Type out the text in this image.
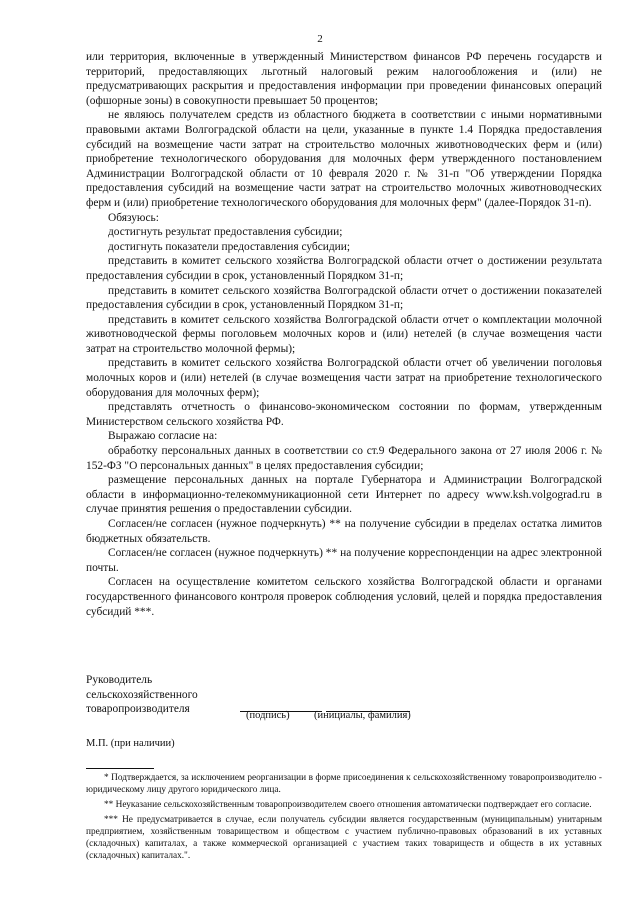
2

или территория, включенные в утвержденный Министерством финансов РФ перечень государств и территорий, предоставляющих льготный налоговый режим налогообложения и (или) не предусматривающих раскрытия и предоставления информации при проведении финансовых операций (офшорные зоны) в совокупности превышает 50 процентов;

не являюсь получателем средств из областного бюджета в соответствии с иными нормативными правовыми актами Волгоградской области на цели, указанные в пункте 1.4 Порядка предоставления субсидий на возмещение части затрат на строительство молочных животноводческих ферм и (или) приобретение технологического оборудования для молочных ферм утвержденного постановлением Администрации Волгоградской области от 10 февраля 2020 г. № 31-п "Об утверждении Порядка предоставления субсидий на возмещение части затрат на строительство молочных животноводческих ферм и (или) приобретение технологического оборудования для молочных ферм" (далее-Порядок 31-п).

Обязуюсь:

достигнуть результат предоставления субсидии;

достигнуть показатели предоставления субсидии;

представить в комитет сельского хозяйства Волгоградской области отчет о достижении результата предоставления субсидии в срок, установленный Порядком 31-п;

представить в комитет сельского хозяйства Волгоградской области отчет о достижении показателей предоставления субсидии в срок, установленный Порядком 31-п;

представить в комитет сельского хозяйства Волгоградской области отчет о комплектации молочной животноводческой фермы поголовьем молочных коров и (или) нетелей (в случае возмещения части затрат на строительство молочной фермы);

представить в комитет сельского хозяйства Волгоградской области отчет об увеличении поголовья молочных коров и (или) нетелей (в случае возмещения части затрат на приобретение технологического оборудования для молочных ферм);

представлять отчетность о финансово-экономическом состоянии по формам, утвержденным Министерством сельского хозяйства РФ.

Выражаю согласие на:

обработку персональных данных в соответствии со ст.9 Федерального закона от 27 июля 2006 г. № 152-ФЗ "О персональных данных" в целях предоставления субсидии;

размещение персональных данных на портале Губернатора и Администрации Волгоградской области в информационно-телекоммуникационной сети Интернет по адресу www.ksh.volgograd.ru в случае принятия решения о предоставлении субсидии.

Согласен/не согласен (нужное подчеркнуть) ** на получение субсидии в пределах остатка лимитов бюджетных обязательств.

Согласен/не согласен (нужное подчеркнуть) ** на получение корреспонденции на адрес электронной почты.

Согласен на осуществление комитетом сельского хозяйства Волгоградской области и органами государственного финансового контроля проверок соблюдения условий, целей и порядка предоставления субсидий ***.

Руководитель
сельскохозяйственного
товаропроизводителя
(подпись) (инициалы, фамилия)
М.П. (при наличии)

* Подтверждается, за исключением реорганизации в форме присоединения к сельскохозяйственному товаропроизводителю - юридическому лицу другого юридического лица.

** Неуказание сельскохозяйственным товаропроизводителем своего отношения автоматически подтверждает его согласие.

*** Не предусматривается в случае, если получатель субсидии является государственным (муниципальным) унитарным предприятием, хозяйственным товариществом и обществом с участием публично-правовых образований в их уставных (складочных) капиталах, а также коммерческой организацией с участием таких товариществ и обществ в их уставных (складочных) капиталах.".
